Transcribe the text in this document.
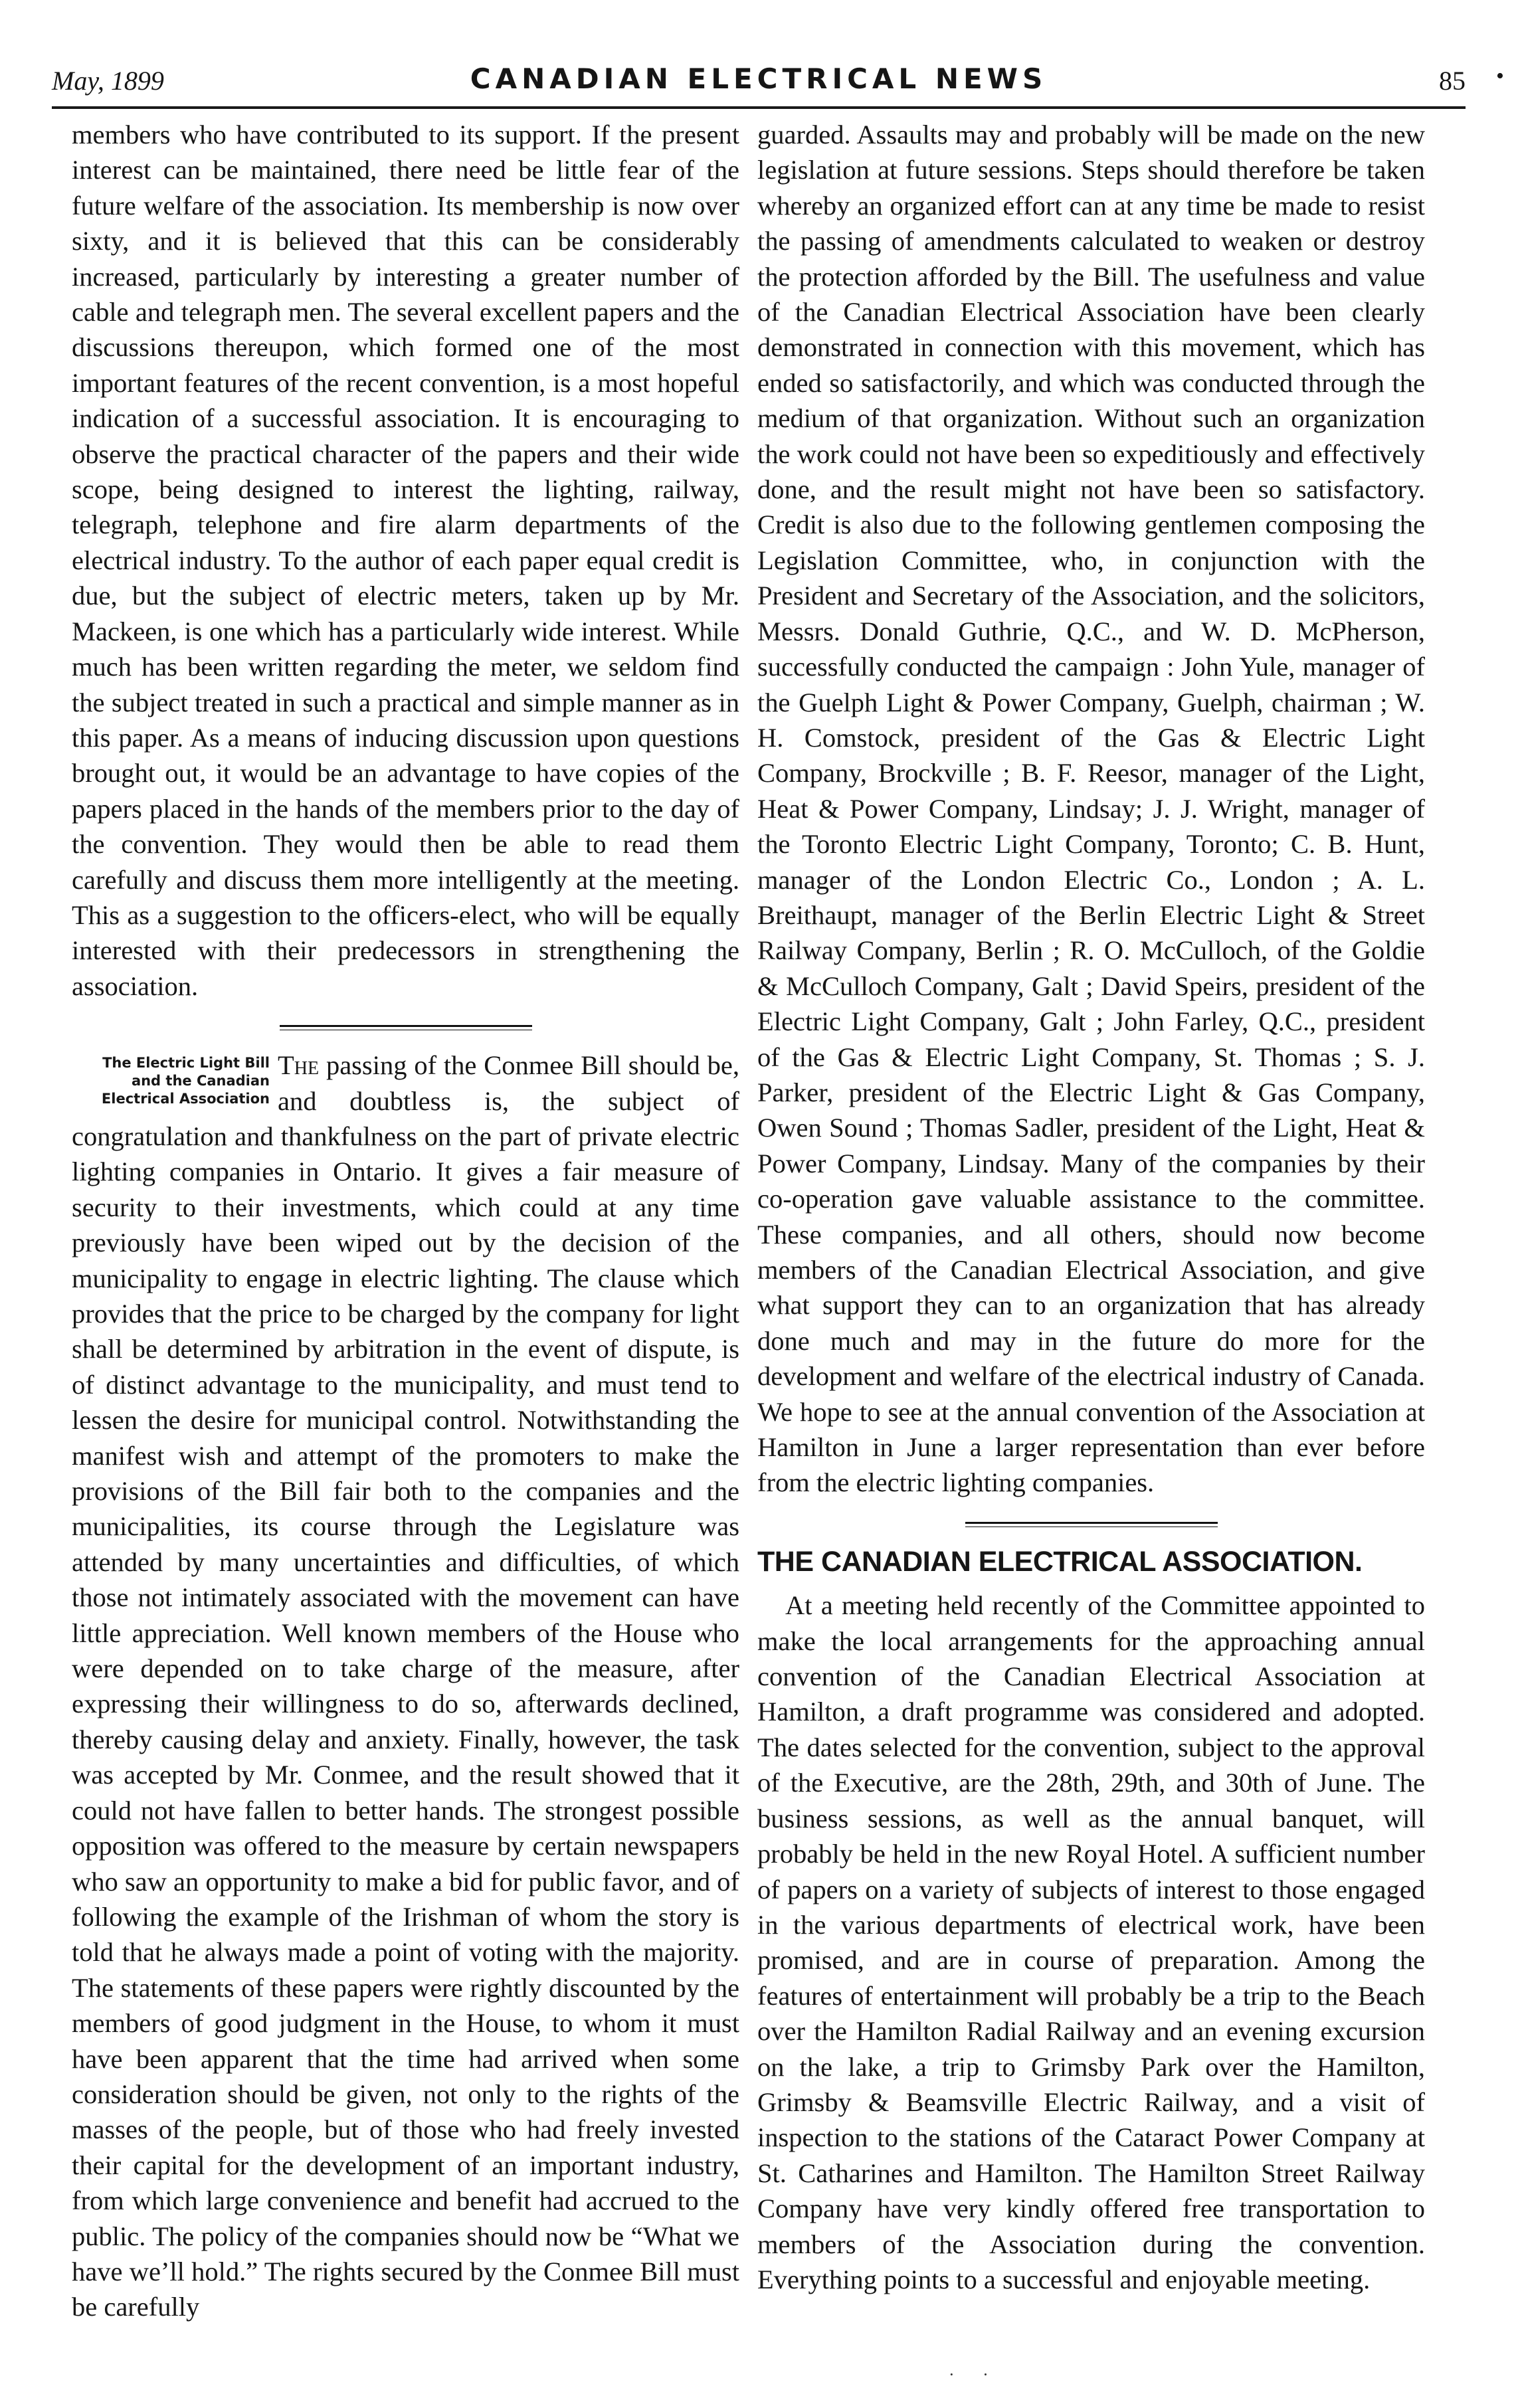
May, 1899	CANADIAN ELECTRICAL NEWS	85 •

members who have contributed to its support. If the present interest can be maintained, there need be little fear of the future welfare of the association. Its membership is now over sixty, and it is believed that this can be considerably increased, particularly by interesting a greater number of cable and telegraph men. The several excellent papers and the discussions thereupon, which formed one of the most important features of the recent convention, is a most hopeful indication of a successful association. It is encouraging to observe the practical character of the papers and their wide scope, being designed to interest the lighting, railway, telegraph, telephone and fire alarm departments of the electrical industry. To the author of each paper equal credit is due, but the subject of electric meters, taken up by Mr. Mackeen, is one which has a particularly wide interest. While much has been written regarding the meter, we seldom find the subject treated in such a practical and simple manner as in this paper. As a means of inducing discussion upon questions brought out, it would be an advantage to have copies of the papers placed in the hands of the members prior to the day of the convention. They would then be able to read them carefully and discuss them more intelligently at the meeting. This as a suggestion to the officers-elect, who will be equally interested with their predecessors in strengthening the association.

The Electric Light Bill and the Canadian Electrical Association

The passing of the Conmee Bill should be, and doubtless is, the subject of congratulation and thankfulness on the part of private electric lighting companies in Ontario. It gives a fair measure of security to their investments, which could at any time previously have been wiped out by the decision of the municipality to engage in electric lighting. The clause which provides that the price to be charged by the company for light shall be determined by arbitration in the event of dispute, is of distinct advantage to the municipality, and must tend to lessen the desire for municipal control. Notwithstanding the manifest wish and attempt of the promoters to make the provisions of the Bill fair both to the companies and the municipalities, its course through the Legislature was attended by many uncertainties and difficulties, of which those not intimately associated with the movement can have little appreciation. Well known members of the House who were depended on to take charge of the measure, after expressing their willingness to do so, afterwards declined, thereby causing delay and anxiety. Finally, however, the task was accepted by Mr. Conmee, and the result showed that it could not have fallen to better hands. The strongest possible opposition was offered to the measure by certain newspapers who saw an opportunity to make a bid for public favor, and of following the example of the Irishman of whom the story is told that he always made a point of voting with the majority. The statements of these papers were rightly discounted by the members of good judgment in the House, to whom it must have been apparent that the time had arrived when some consideration should be given, not only to the rights of the masses of the people, but of those who had freely invested their capital for the development of an important industry, from which large convenience and benefit had accrued to the public. The policy of the companies should now be “What we have we’ll hold.” The rights secured by the Conmee Bill must be carefully

guarded. Assaults may and probably will be made on the new legislation at future sessions. Steps should therefore be taken whereby an organized effort can at any time be made to resist the passing of amendments calculated to weaken or destroy the protection afforded by the Bill. The usefulness and value of the Canadian Electrical Association have been clearly demonstrated in connection with this movement, which has ended so satisfactorily, and which was conducted through the medium of that organization. Without such an organization the work could not have been so expeditiously and effectively done, and the result might not have been so satisfactory. Credit is also due to the following gentlemen composing the Legislation Committee, who, in conjunction with the President and Secretary of the Association, and the solicitors, Messrs. Donald Guthrie, Q.C., and W. D. McPherson, successfully conducted the campaign : John Yule, manager of the Guelph Light & Power Company, Guelph, chairman ; W. H. Comstock, president of the Gas & Electric Light Company, Brockville ; B. F. Reesor, manager of the Light, Heat & Power Company, Lindsay; J. J. Wright, manager of the Toronto Electric Light Company, Toronto; C. B. Hunt, manager of the London Electric Co., London ; A. L. Breithaupt, manager of the Berlin Electric Light & Street Railway Company, Berlin ; R. O. McCulloch, of the Goldie & McCulloch Company, Galt ; David Speirs, president of the Electric Light Company, Galt ; John Farley, Q.C., president of the Gas & Electric Light Company, St. Thomas ; S. J. Parker, president of the Electric Light & Gas Company, Owen Sound ; Thomas Sadler, president of the Light, Heat & Power Company, Lindsay. Many of the companies by their co-operation gave valuable assistance to the committee. These companies, and all others, should now become members of the Canadian Electrical Association, and give what support they can to an organization that has already done much and may in the future do more for the development and welfare of the electrical industry of Canada. We hope to see at the annual convention of the Association at Hamilton in June a larger representation than ever before from the electric lighting companies.

THE CANADIAN ELECTRICAL ASSOCIATION.

At a meeting held recently of the Committee appointed to make the local arrangements for the approaching annual convention of the Canadian Electrical Association at Hamilton, a draft programme was considered and adopted. The dates selected for the convention, subject to the approval of the Executive, are the 28th, 29th, and 30th of June. The business sessions, as well as the annual banquet, will probably be held in the new Royal Hotel. A sufficient number of papers on a variety of subjects of interest to those engaged in the various departments of electrical work, have been promised, and are in course of preparation. Among the features of entertainment will probably be a trip to the Beach over the Hamilton Radial Railway and an evening excursion on the lake, a trip to Grimsby Park over the Hamilton, Grimsby & Beamsville Electric Railway, and a visit of inspection to the stations of the Cataract Power Company at St. Catharines and Hamilton. The Hamilton Street Railway Company have very kindly offered free transportation to members of the Association during the convention. Everything points to a successful and enjoyable meeting.

· ·
